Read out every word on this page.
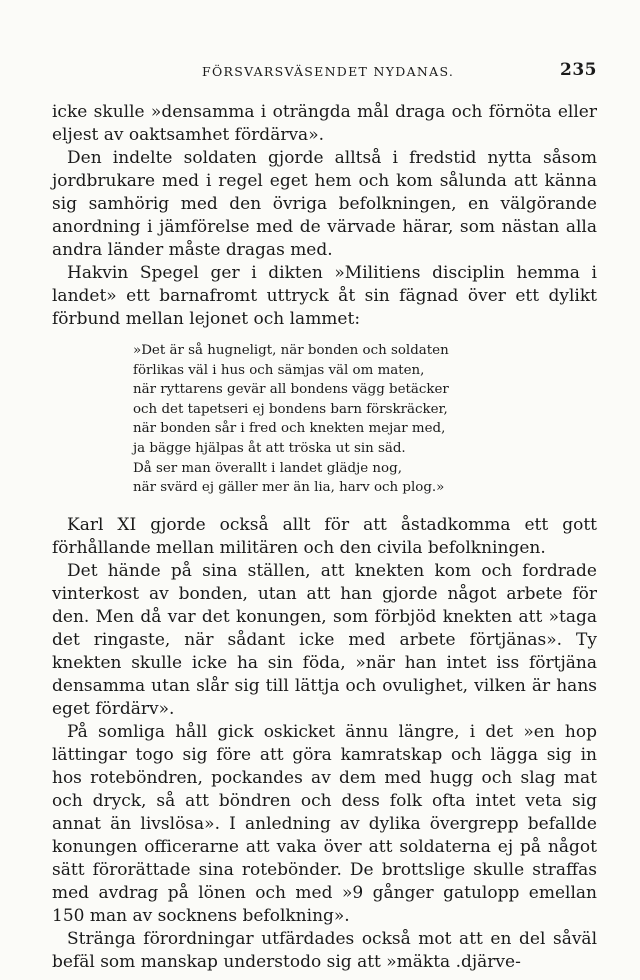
FÖRSVARSVÄSENDET NYDANAS.	235

icke skulle »densamma i oträngda mål draga och förnöta eller eljest av oaktsamhet fördärva».

Den indelte soldaten gjorde alltså i fredstid nytta såsom jordbrukare med i regel eget hem och kom sålunda att känna sig samhörig med den övriga befolkningen, en välgörande anordning i jämförelse med de värvade härar, som nästan alla andra länder måste dragas med.

Hakvin Spegel ger i dikten »Militiens disciplin hemma i landet» ett barnafromt uttryck åt sin fägnad över ett dylikt förbund mellan lejonet och lammet:

»Det är så hugneligt, när bonden och soldaten
förlikas väl i hus och sämjas väl om maten,
när ryttarens gevär all bondens vägg betäcker
och det tapetseri ej bondens barn förskräcker,
när bonden sår i fred och knekten mejar med,
ja bägge hjälpas åt att tröska ut sin säd.
Då ser man överallt i landet glädje nog,
när svärd ej gäller mer än lia, harv och plog.»

Karl XI gjorde också allt för att åstadkomma ett gott förhållande mellan militären och den civila befolkningen.

Det hände på sina ställen, att knekten kom och fordrade vinterkost av bonden, utan att han gjorde något arbete för den. Men då var det konungen, som förbjöd knekten att »taga det ringaste, när sådant icke med arbete förtjänas». Ty knekten skulle icke ha sin föda, »när han intet iss förtjäna densamma utan slår sig till lättja och ovulighet, vilken är hans eget fördärv».

På somliga håll gick oskicket ännu längre, i det »en hop lättingar togo sig före att göra kamratskap och lägga sig in hos roteböndren, pockandes av dem med hugg och slag mat och dryck, så att böndren och dess folk ofta intet veta sig annat än livslösa». I anledning av dylika övergrepp befallde konungen officerarne att vaka över att soldaterna ej på något sätt förorättade sina rotebönder. De brottslige skulle straffas med avdrag på lönen och med »9 gånger gatulopp emellan 150 man av socknens befolkning».

Stränga förordningar utfärdades också mot att en del såväl befäl som manskap understodo sig att »mäkta .djärve-
